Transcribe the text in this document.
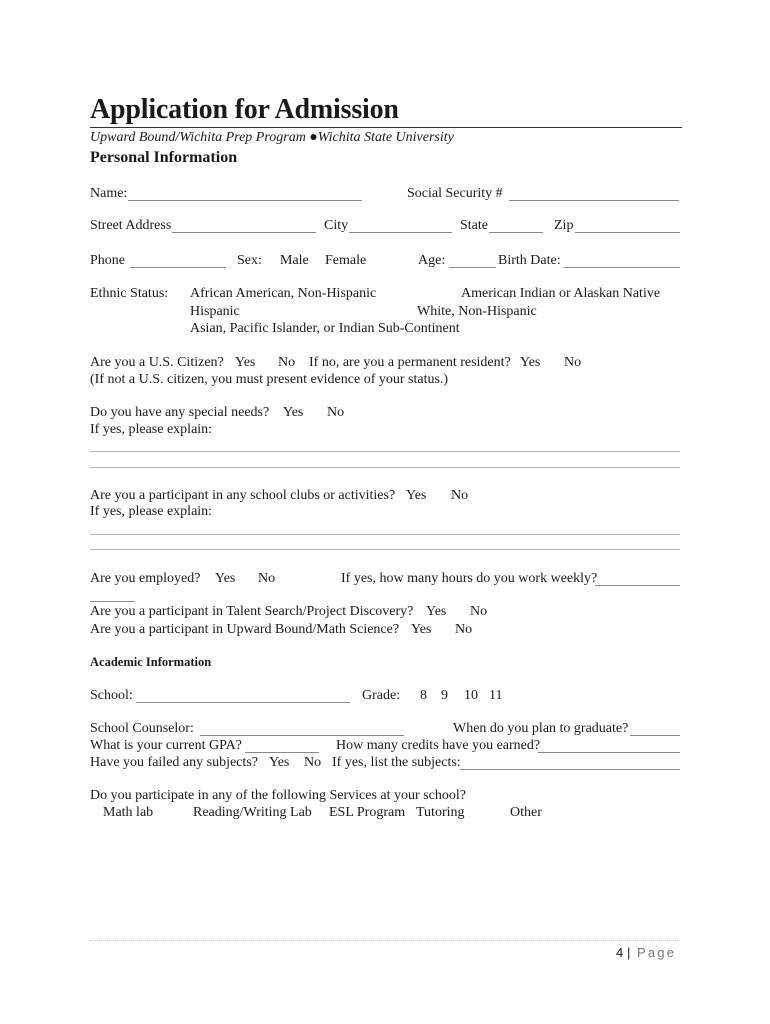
Application for Admission
Upward Bound/Wichita Prep Program ●Wichita State University
Personal Information
Name:	Social Security #
Street Address	City	State	Zip
Phone	Sex: Male Female	Age:	Birth Date:
Ethnic Status: African American, Non-Hispanic	American Indian or Alaskan Native
Hispanic	White, Non-Hispanic
Asian, Pacific Islander, or Indian Sub-Continent
Are you a U.S. Citizen? Yes No If no, are you a permanent resident? Yes No
(If not a U.S. citizen, you must present evidence of your status.)
Do you have any special needs? Yes No
If yes, please explain:
Are you a participant in any school clubs or activities? Yes No
If yes, please explain:
Are you employed? Yes No	If yes, how many hours do you work weekly?
Are you a participant in Talent Search/Project Discovery? Yes No
Are you a participant in Upward Bound/Math Science? Yes No
Academic Information
School:	Grade: 8 9 10 11
School Counselor:	When do you plan to graduate?
What is your current GPA?	How many credits have you earned?
Have you failed any subjects? Yes No If yes, list the subjects:
Do you participate in any of the following Services at your school?
Math lab	Reading/Writing Lab ESL Program Tutoring	Other
4 | Page
